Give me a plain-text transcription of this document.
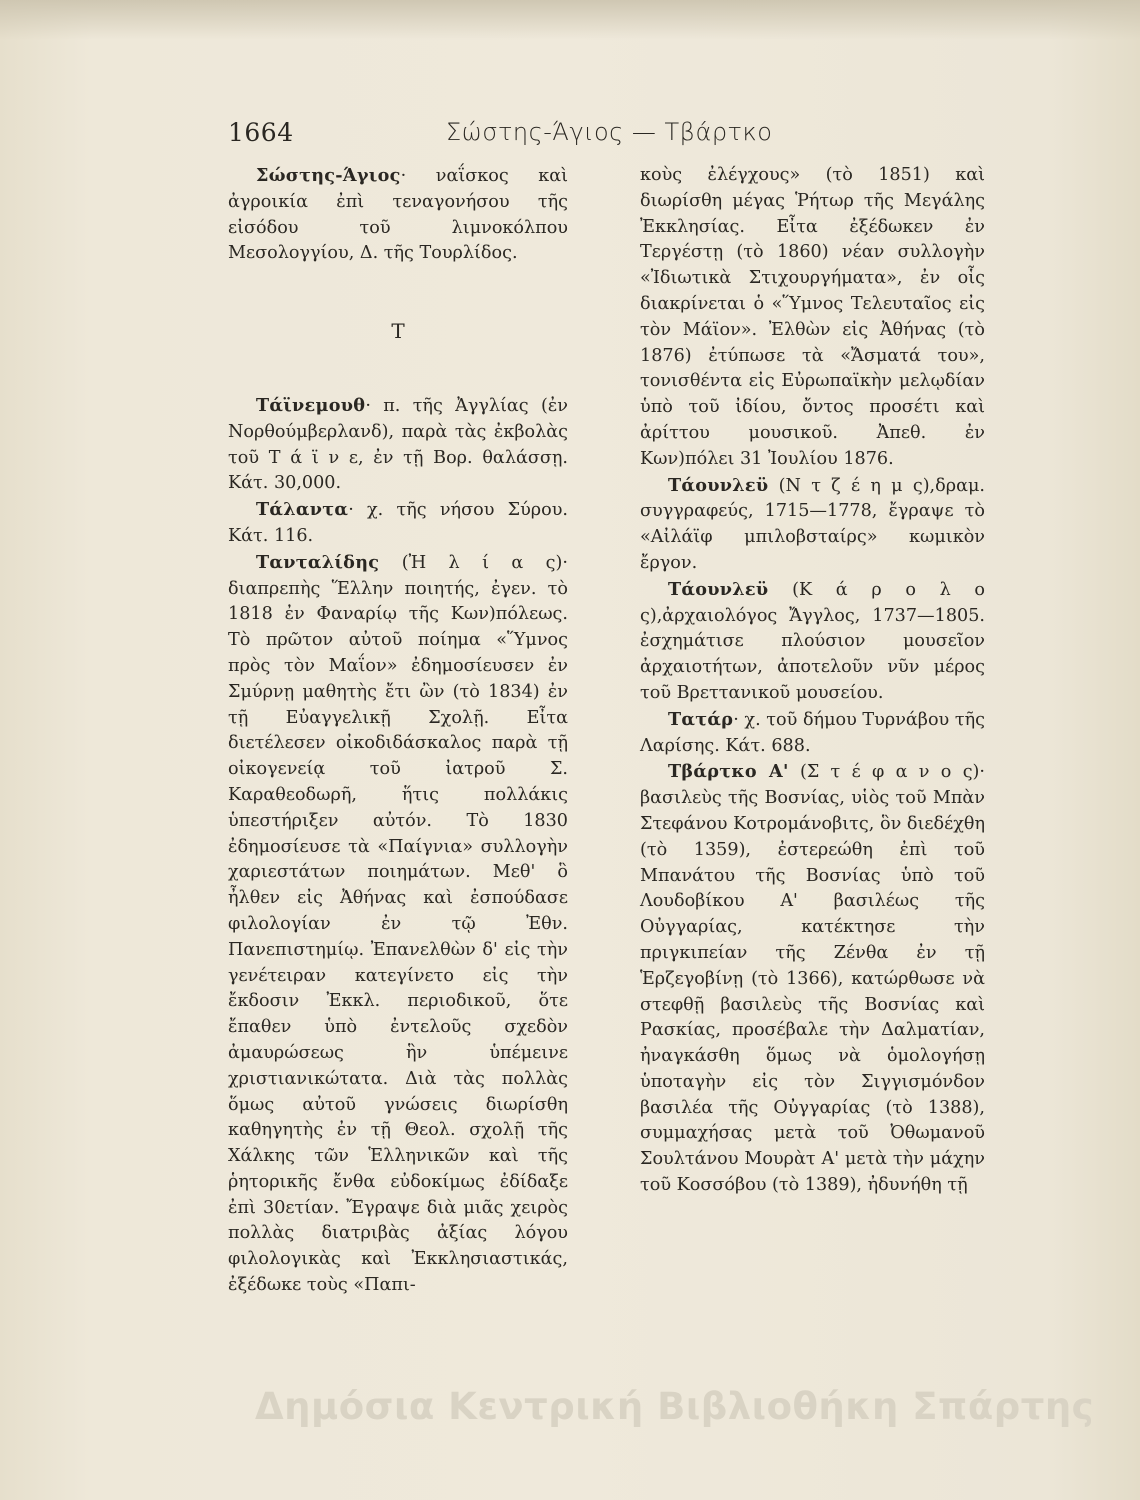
1664	Σώστης-Άγιος — Τβάρτκο

Σώστης-Άγιος· ναΐσκος καὶ ἀγροικία ἐπὶ τεναγονήσου τῆς εἰσόδου τοῦ λιμνοκόλπου Μεσολογγίου, Δ. τῆς Τουρλίδος.

Τ

Τάϊνεμουθ· π. τῆς Ἀγγλίας (ἐν Νορθούμβερλανδ), παρὰ τὰς ἐκβολὰς τοῦ Τ ά ϊ ν ε, ἐν τῇ Βορ. θαλάσσῃ. Κάτ. 30,000.

Τάλαντα· χ. τῆς νήσου Σύρου. Κάτ. 116.

Τανταλίδης (Ἠ λ ί α ς)· διαπρεπὴς Ἕλλην ποιητής, ἐγεν. τὸ 1818 ἐν Φαναρίῳ τῆς Κων)πόλεως. Τὸ πρῶτον αὐτοῦ ποίημα «Ὕμνος πρὸς τὸν Μαΐον» ἐδημοσίευσεν ἐν Σμύρνῃ μαθητὴς ἔτι ὢν (τὸ 1834) ἐν τῇ Εὐαγγελικῇ Σχολῇ. Εἶτα διετέλεσεν οἰκοδιδάσκαλος παρὰ τῇ οἰκογενείᾳ τοῦ ἰατροῦ Σ. Καραθεοδωρῆ, ἥτις πολλάκις ὑπεστήριξεν αὐτόν. Τὸ 1830 ἐδημοσίευσε τὰ «Παίγνια» συλλογὴν χαριεστάτων ποιημάτων. Μεθ' ὃ ἦλθεν εἰς Ἀθήνας καὶ ἐσπούδασε φιλολογίαν ἐν τῷ Ἐθν. Πανεπιστημίῳ. Ἐπανελθὼν δ' εἰς τὴν γενέτειραν κατεγίνετο εἰς τὴν ἔκδοσιν Ἐκκλ. περιοδικοῦ, ὅτε ἔπαθεν ὑπὸ ἐντελοῦς σχεδὸν ἀμαυρώσεως ἣν ὑπέμεινε χριστιανικώτατα. Διὰ τὰς πολλὰς ὅμως αὐτοῦ γνώσεις διωρίσθη καθηγητὴς ἐν τῇ Θεολ. σχολῇ τῆς Χάλκης τῶν Ἑλληνικῶν καὶ τῆς ῥητορικῆς ἔνθα εὐδοκίμως ἐδίδαξε ἐπὶ 30ετίαν. Ἔγραψε διὰ μιᾶς χειρὸς πολλὰς διατριβὰς ἀξίας λόγου φιλολογικὰς καὶ Ἐκκλησιαστικάς, ἐξέδωκε τοὺς «Παπι-

κοὺς ἐλέγχους» (τὸ 1851) καὶ διωρίσθη μέγας Ῥήτωρ τῆς Μεγάλης Ἐκκλησίας. Εἶτα ἐξέδωκεν ἐν Τεργέστῃ (τὸ 1860) νέαν συλλογὴν «Ἰδιωτικὰ Στιχουργήματα», ἐν οἷς διακρίνεται ὁ «Ὕμνος Τελευταῖος εἰς τὸν Μάϊον». Ἐλθὼν εἰς Ἀθήνας (τὸ 1876) ἐτύπωσε τὰ «Ἄσματά του», τονισθέντα εἰς Εὐρωπαϊκὴν μελῳδίαν ὑπὸ τοῦ ἰδίου, ὄντος προσέτι καὶ ἀρίττου μουσικοῦ. Ἀπεθ. ἐν Κων)πόλει 31 Ἰουλίου 1876.

Τάουνλεϋ (Ν τ ζ έ η μ ς),δραμ. συγγραφεύς, 1715—1778, ἔγραψε τὸ «Αἰλάϊφ μπιλοβσταίρς» κωμικὸν ἔργον.

Τάουνλεϋ (Κ ά ρ ο λ ο ς),ἀρχαιολόγος Ἄγγλος, 1737—1805. ἐσχημάτισε πλούσιον μουσεῖον ἀρχαιοτήτων, ἀποτελοῦν νῦν μέρος τοῦ Βρεττανικοῦ μουσείου.

Τατάρ· χ. τοῦ δήμου Τυρνάβου τῆς Λαρίσης. Κάτ. 688.

Τβάρτκο Α' (Σ τ έ φ α ν ο ς)· βασιλεὺς τῆς Βοσνίας, υἱὸς τοῦ Μπὰν Στεφάνου Κοτρομάνοβιτς, ὃν διεδέχθη (τὸ 1359), ἐστερεώθη ἐπὶ τοῦ Μπανάτου τῆς Βοσνίας ὑπὸ τοῦ Λουδοβίκου Α' βασιλέως τῆς Οὐγγαρίας, κατέκτησε τὴν πριγκιπείαν τῆς Ζένθα ἐν τῇ Ἑρζεγοβίνῃ (τὸ 1366), κατώρθωσε νὰ στεφθῇ βασιλεὺς τῆς Βοσνίας καὶ Ρασκίας, προσέβαλε τὴν Δαλματίαν, ἠναγκάσθη ὅμως νὰ ὁμολογήσῃ ὑποταγὴν εἰς τὸν Σιγγισμόνδον βασιλέα τῆς Οὐγγαρίας (τὸ 1388), συμμαχήσας μετὰ τοῦ Ὀθωμανοῦ Σουλτάνου Μουρὰτ Α' μετὰ τὴν μάχην τοῦ Κοσσόβου (τὸ 1389), ἠδυνήθη τῇ

Δημόσια Κεντρική Βιβλιοθήκη Σπάρτης
